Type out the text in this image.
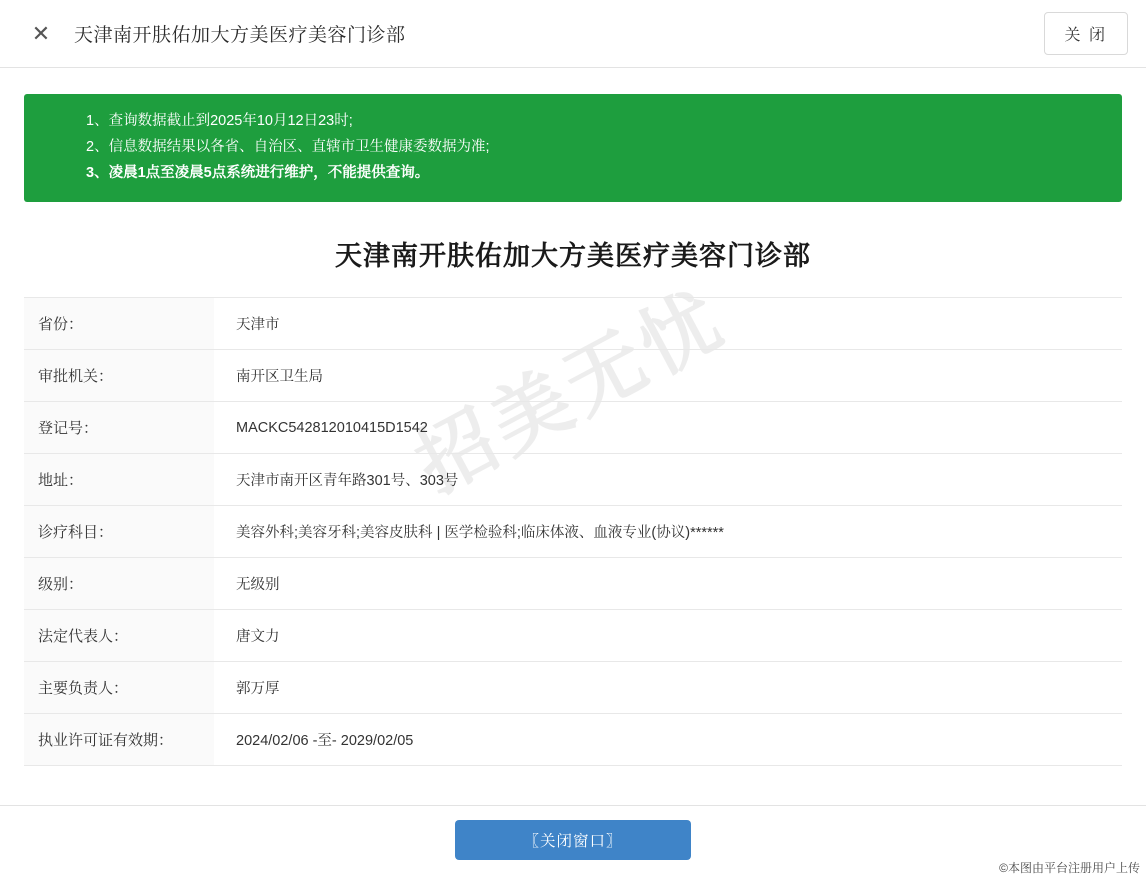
✕	天津南开肤佑加大方美医疗美容门诊部	关 闭
1、查询数据截止到2025年10月12日23时;
2、信息数据结果以各省、自治区、直辖市卫生健康委数据为准;
3、凌晨1点至凌晨5点系统进行维护，不能提供查询。
天津南开肤佑加大方美医疗美容门诊部
招美无忧
省份：	天津市
审批机关：	南开区卫生局
登记号：	MACKC542812010415D1542
地址：	天津市南开区青年路301号、303号
诊疗科目：	美容外科;美容牙科;美容皮肤科 | 医学检验科;临床体液、血液专业(协议)******
级别：	无级别
法定代表人：	唐文力
主要负责人：	郭万厚
执业许可证有效期：	2024/02/06 -至- 2029/02/05
〖关闭窗口〗
©本图由平台注册用户上传
